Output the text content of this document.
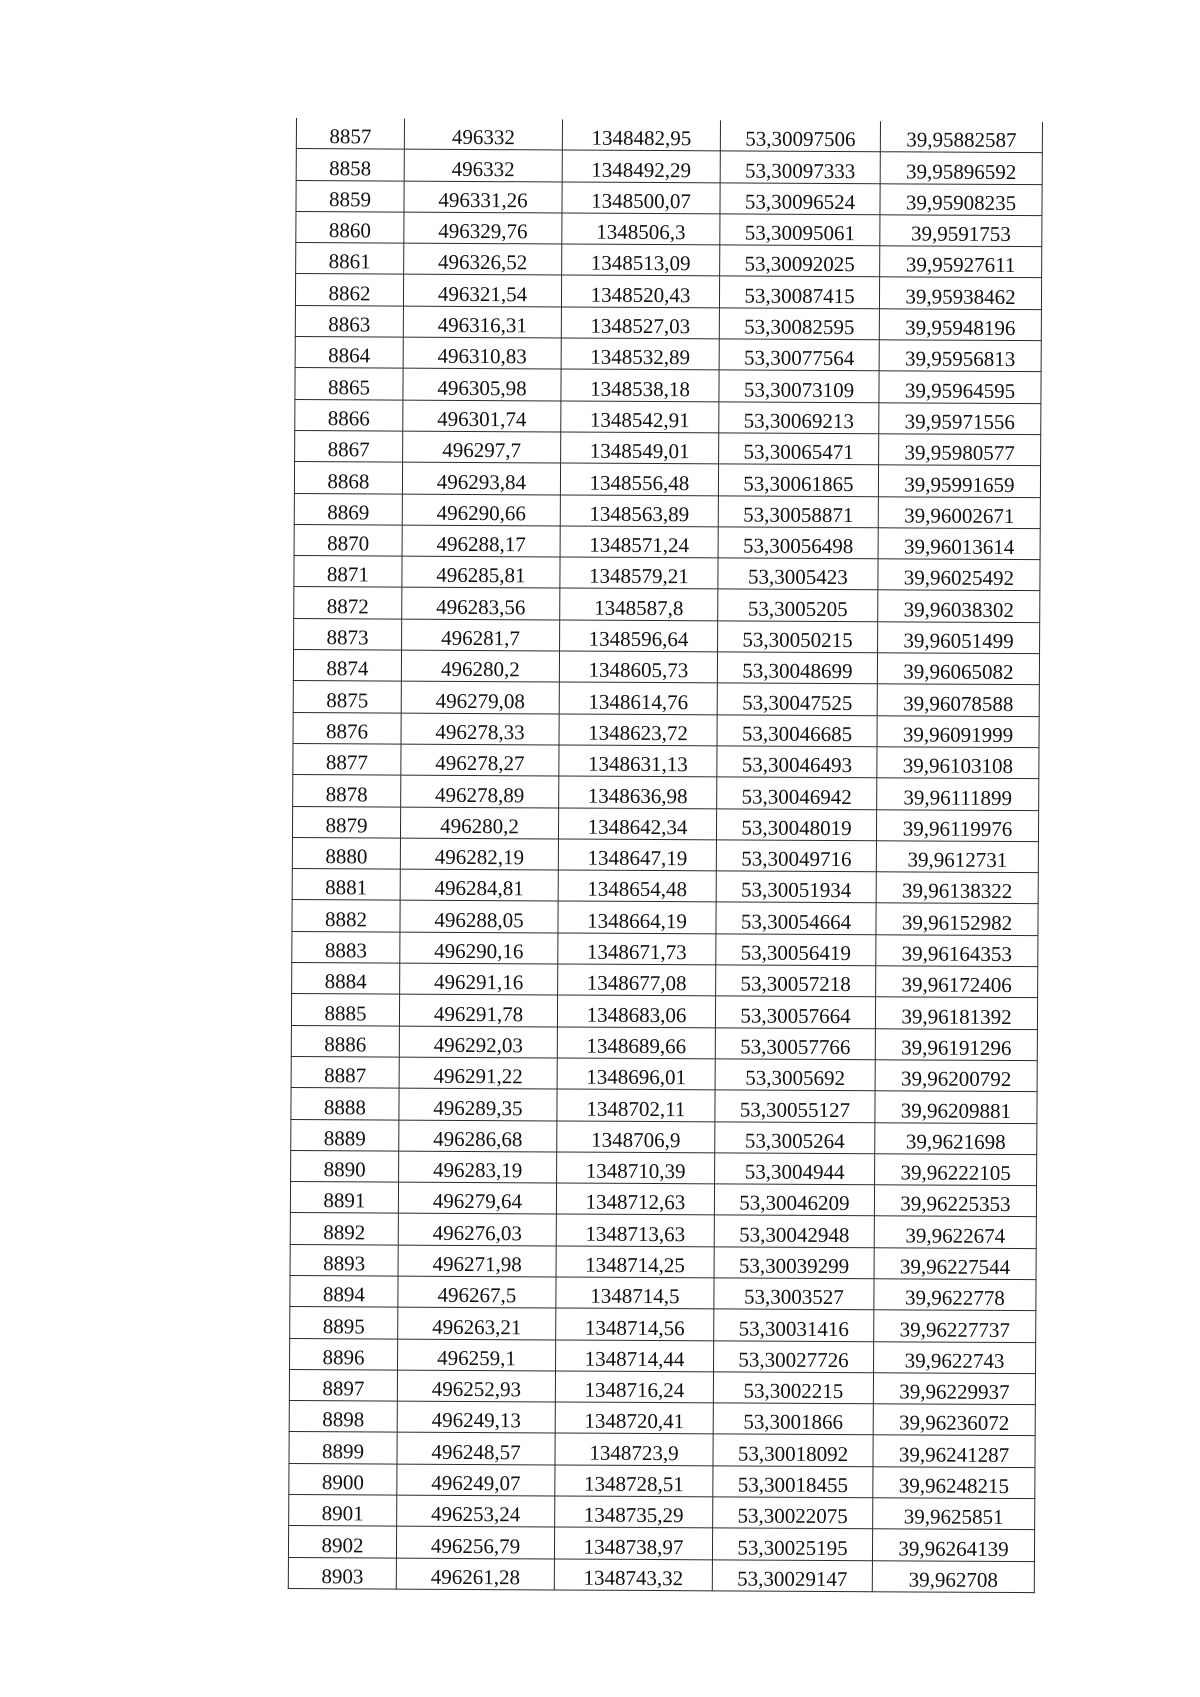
8857	496332	1348482,95	53,30097506	39,95882587
8858	496332	1348492,29	53,30097333	39,95896592
8859	496331,26	1348500,07	53,30096524	39,95908235
8860	496329,76	1348506,3	53,30095061	39,9591753
8861	496326,52	1348513,09	53,30092025	39,95927611
8862	496321,54	1348520,43	53,30087415	39,95938462
8863	496316,31	1348527,03	53,30082595	39,95948196
8864	496310,83	1348532,89	53,30077564	39,95956813
8865	496305,98	1348538,18	53,30073109	39,95964595
8866	496301,74	1348542,91	53,30069213	39,95971556
8867	496297,7	1348549,01	53,30065471	39,95980577
8868	496293,84	1348556,48	53,30061865	39,95991659
8869	496290,66	1348563,89	53,30058871	39,96002671
8870	496288,17	1348571,24	53,30056498	39,96013614
8871	496285,81	1348579,21	53,3005423	39,96025492
8872	496283,56	1348587,8	53,3005205	39,96038302
8873	496281,7	1348596,64	53,30050215	39,96051499
8874	496280,2	1348605,73	53,30048699	39,96065082
8875	496279,08	1348614,76	53,30047525	39,96078588
8876	496278,33	1348623,72	53,30046685	39,96091999
8877	496278,27	1348631,13	53,30046493	39,96103108
8878	496278,89	1348636,98	53,30046942	39,96111899
8879	496280,2	1348642,34	53,30048019	39,96119976
8880	496282,19	1348647,19	53,30049716	39,9612731
8881	496284,81	1348654,48	53,30051934	39,96138322
8882	496288,05	1348664,19	53,30054664	39,96152982
8883	496290,16	1348671,73	53,30056419	39,96164353
8884	496291,16	1348677,08	53,30057218	39,96172406
8885	496291,78	1348683,06	53,30057664	39,96181392
8886	496292,03	1348689,66	53,30057766	39,96191296
8887	496291,22	1348696,01	53,3005692	39,96200792
8888	496289,35	1348702,11	53,30055127	39,96209881
8889	496286,68	1348706,9	53,3005264	39,9621698
8890	496283,19	1348710,39	53,3004944	39,96222105
8891	496279,64	1348712,63	53,30046209	39,96225353
8892	496276,03	1348713,63	53,30042948	39,9622674
8893	496271,98	1348714,25	53,30039299	39,96227544
8894	496267,5	1348714,5	53,3003527	39,9622778
8895	496263,21	1348714,56	53,30031416	39,96227737
8896	496259,1	1348714,44	53,30027726	39,9622743
8897	496252,93	1348716,24	53,3002215	39,96229937
8898	496249,13	1348720,41	53,3001866	39,96236072
8899	496248,57	1348723,9	53,30018092	39,96241287
8900	496249,07	1348728,51	53,30018455	39,96248215
8901	496253,24	1348735,29	53,30022075	39,9625851
8902	496256,79	1348738,97	53,30025195	39,96264139
8903	496261,28	1348743,32	53,30029147	39,962708
